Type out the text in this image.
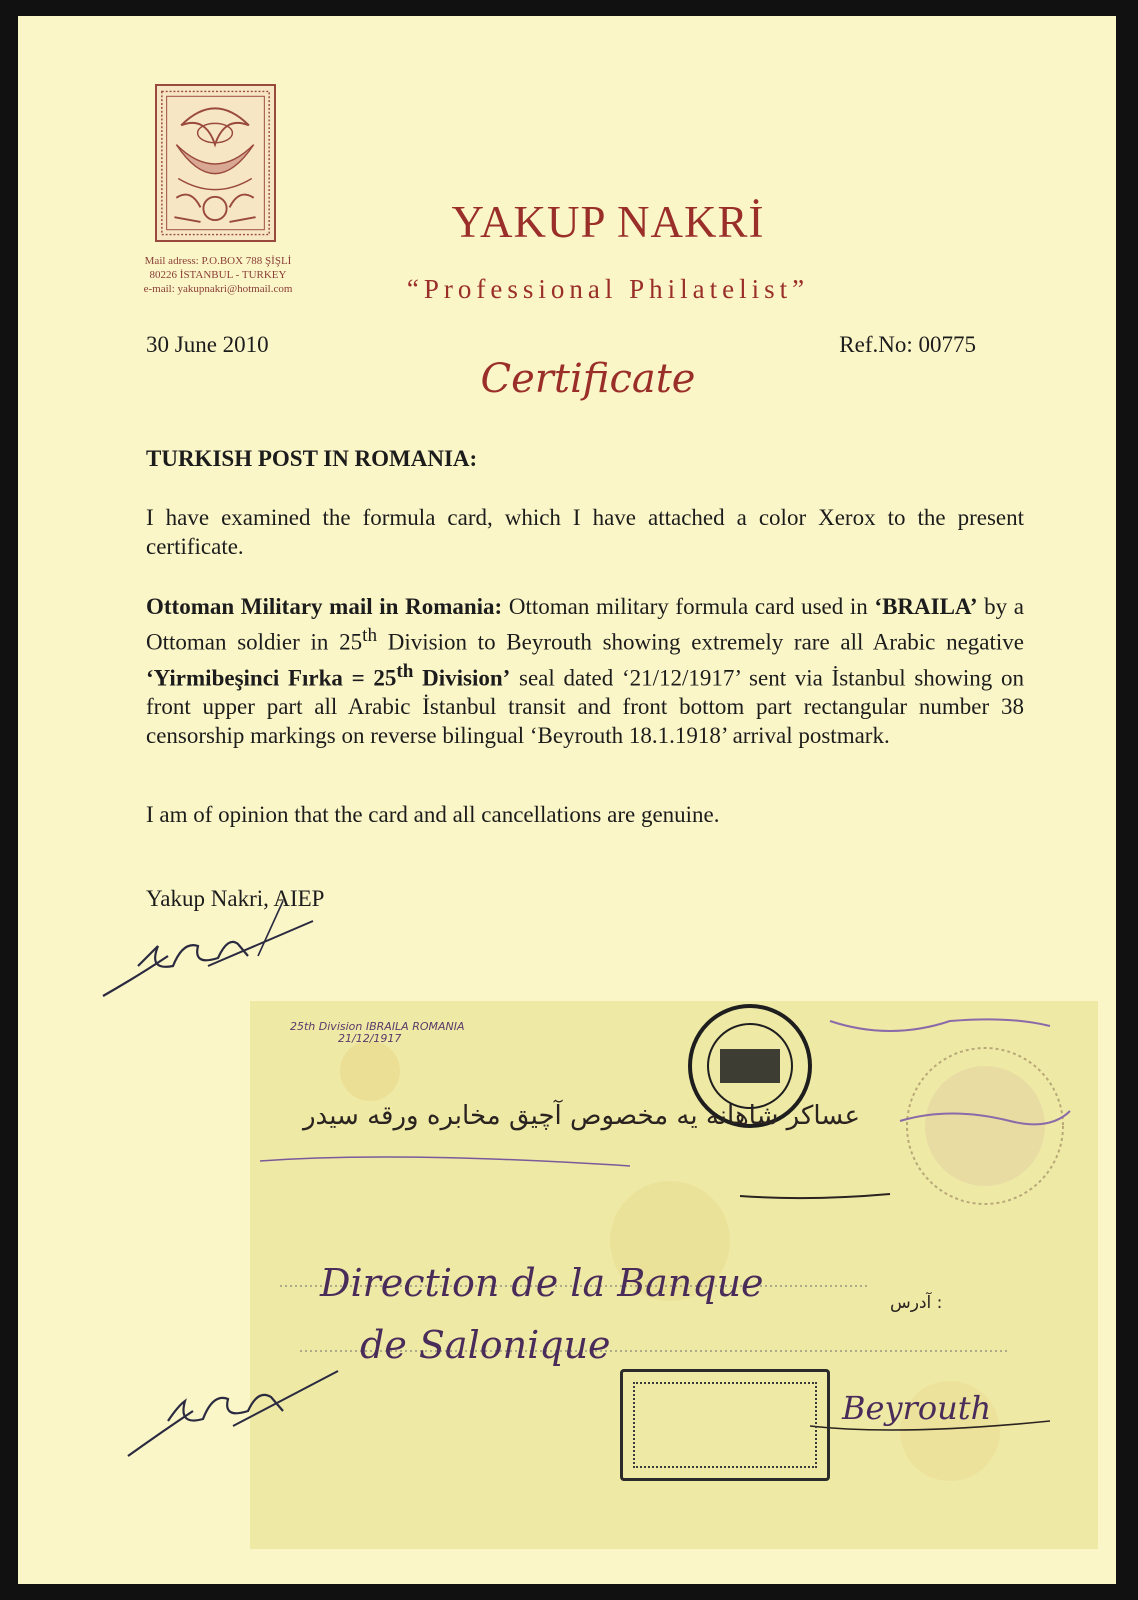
Mail adress: P.O.BOX 788 ŞİŞLİ
80226 İSTANBUL - TURKEY
e-mail: yakupnakri@hotmail.com
YAKUP NAKRİ
“Professional Philatelist”
30 June 2010	Ref.No: 00775
Certificate
TURKISH POST IN ROMANIA:

I have examined the formula card, which I have attached a color Xerox to the present certificate.

Ottoman Military mail in Romania: Ottoman military formula card used in ‘BRAILA’ by a Ottoman soldier in 25th Division to Beyrouth showing extremely rare all Arabic negative ‘Yirmibeşinci Fırka = 25th Division’ seal dated ‘21/12/1917’ sent via İstanbul showing on front upper part all Arabic İstanbul transit and front bottom part rectangular number 38 censorship markings on reverse bilingual ‘Beyrouth 18.1.1918’ arrival postmark.

I am of opinion that the card and all cancellations are genuine.

Yakup Nakri, AIEP
25th Division IBRAILA ROMANIA
21/12/1917
عساكر شاهانه يه مخصوص آچيق مخابره ورقه سيدر
آدرس :
Direction de la Banque
de Salonique
Beyrouth
